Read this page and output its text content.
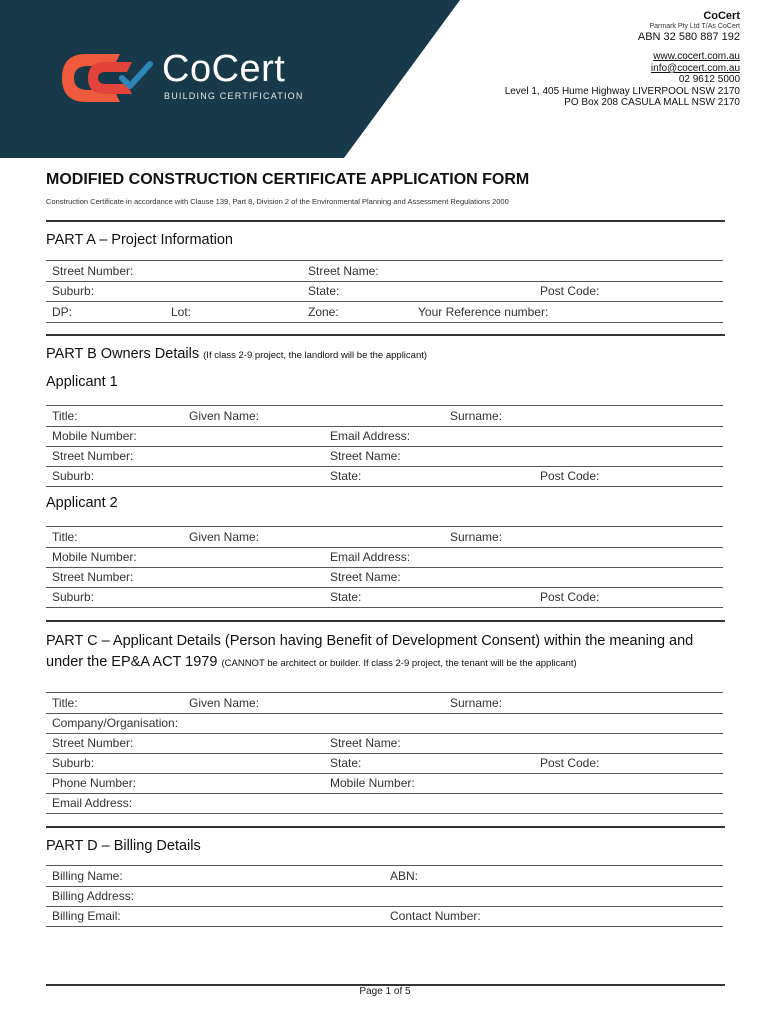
CoCert
BUILDING CERTIFICATION
CoCert
Parmark Pty Ltd T/As CoCert
ABN 32 580 887 192
www.cocert.com.au
info@cocert.com.au
02 9612 5000
Level 1, 405 Hume Highway LIVERPOOL NSW 2170
PO Box 208 CASULA MALL NSW 2170
MODIFIED CONSTRUCTION CERTIFICATE APPLICATION FORM
Construction Certificate in accordance with Clause 139, Part 8, Division 2 of the Environmental Planning and Assessment Regulations 2000
PART A – Project Information
Street Number:	Street Name:
Suburb:	State:	Post Code:
DP:	Lot:	Zone:	Your Reference number:
PART B Owners Details (If class 2-9 project, the landlord will be the applicant)
Applicant 1
Title:	Given Name:	Surname:
Mobile Number:	Email Address:
Street Number:	Street Name:
Suburb:	State:	Post Code:
Applicant 2
Title:	Given Name:	Surname:
Mobile Number:	Email Address:
Street Number:	Street Name:
Suburb:	State:	Post Code:
PART C – Applicant Details (Person having Benefit of Development Consent) within the meaning and under the EP&A ACT 1979 (CANNOT be architect or builder. If class 2-9 project, the tenant will be the applicant)
Title:	Given Name:	Surname:
Company/Organisation:
Street Number:	Street Name:
Suburb:	State:	Post Code:
Phone Number:	Mobile Number:
Email Address:
PART D – Billing Details
Billing Name:	ABN:
Billing Address:
Billing Email:	Contact Number:
Page 1 of 5
